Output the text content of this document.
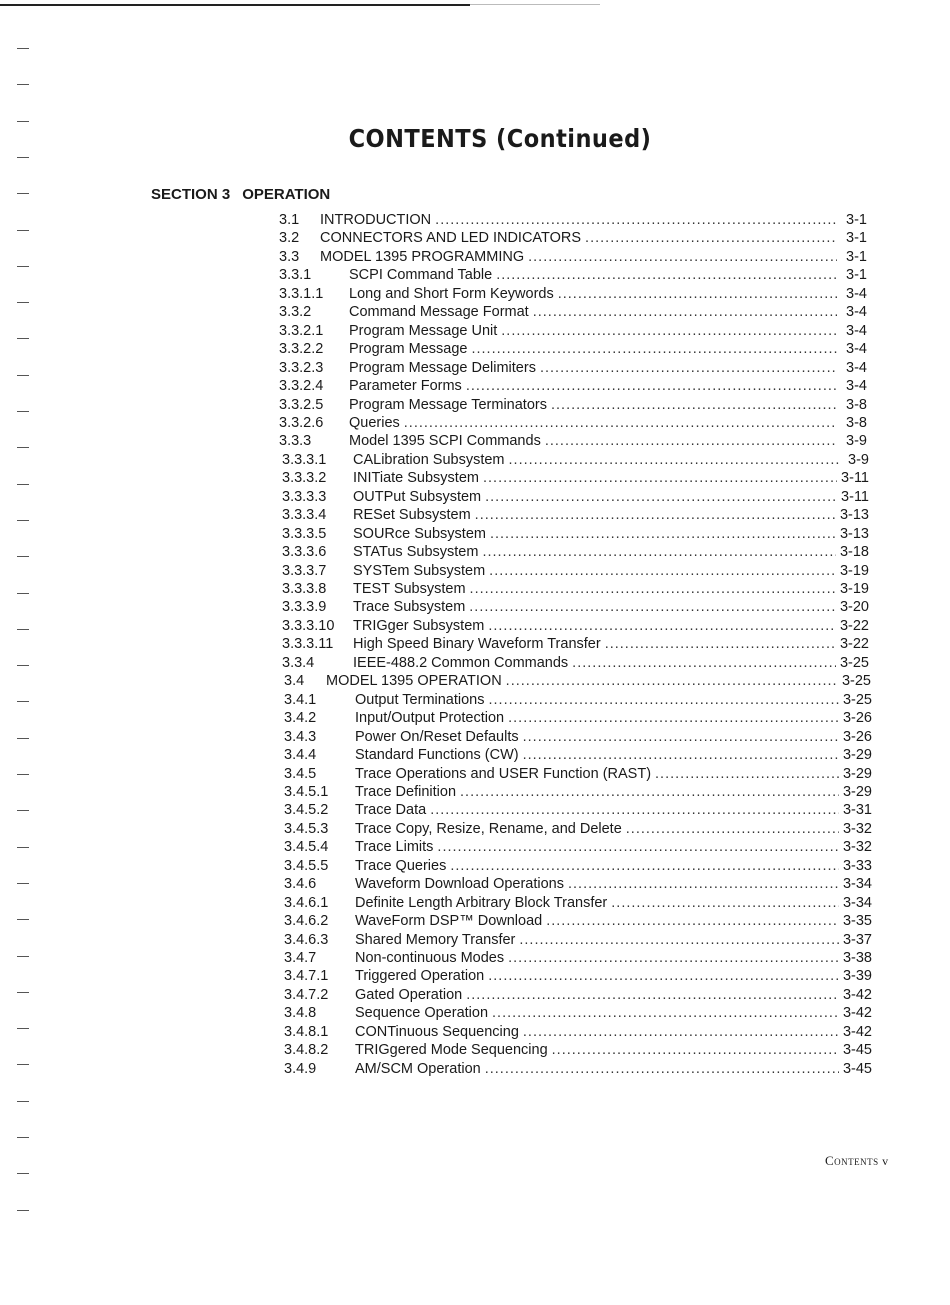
CONTENTS (Continued)
SECTION 3 OPERATION
3.1	INTRODUCTION .....	3-1
3.2	CONNECTORS AND LED INDICATORS .....	3-1
3.3	MODEL 1395 PROGRAMMING .....	3-1
3.3.1	SCPI Command Table .....	3-1
3.3.1.1	Long and Short Form Keywords .....	3-4
3.3.2	Command Message Format .....	3-4
3.3.2.1	Program Message Unit .....	3-4
3.3.2.2	Program Message .....	3-4
3.3.2.3	Program Message Delimiters .....	3-4
3.3.2.4	Parameter Forms .....	3-4
3.3.2.5	Program Message Terminators .....	3-8
3.3.2.6	Queries .....	3-8
3.3.3	Model 1395 SCPI Commands .....	3-9
3.3.3.1	CALibration Subsystem .....	3-9
3.3.3.2	INITiate Subsystem .....	3-11
3.3.3.3	OUTPut Subsystem .....	3-11
3.3.3.4	RESet Subsystem .....	3-13
3.3.3.5	SOURce Subsystem .....	3-13
3.3.3.6	STATus Subsystem .....	3-18
3.3.3.7	SYSTem Subsystem .....	3-19
3.3.3.8	TEST Subsystem .....	3-19
3.3.3.9	Trace Subsystem .....	3-20
3.3.3.10	TRIGger Subsystem .....	3-22
3.3.3.11	High Speed Binary Waveform Transfer .....	3-22
3.3.4	IEEE-488.2 Common Commands .....	3-25
3.4	MODEL 1395 OPERATION .....	3-25
3.4.1	Output Terminations .....	3-25
3.4.2	Input/Output Protection .....	3-26
3.4.3	Power On/Reset Defaults .....	3-26
3.4.4	Standard Functions (CW) .....	3-29
3.4.5	Trace Operations and USER Function (RAST) .....	3-29
3.4.5.1	Trace Definition .....	3-29
3.4.5.2	Trace Data .....	3-31
3.4.5.3	Trace Copy, Resize, Rename, and Delete .....	3-32
3.4.5.4	Trace Limits .....	3-32
3.4.5.5	Trace Queries .....	3-33
3.4.6	Waveform Download Operations .....	3-34
3.4.6.1	Definite Length Arbitrary Block Transfer .....	3-34
3.4.6.2	WaveForm DSP™ Download .....	3-35
3.4.6.3	Shared Memory Transfer .....	3-37
3.4.7	Non-continuous Modes .....	3-38
3.4.7.1	Triggered Operation .....	3-39
3.4.7.2	Gated Operation .....	3-42
3.4.8	Sequence Operation .....	3-42
3.4.8.1	CONTinuous Sequencing .....	3-42
3.4.8.2	TRIGgered Mode Sequencing .....	3-45
3.4.9	AM/SCM Operation .....	3-45
Contents v
